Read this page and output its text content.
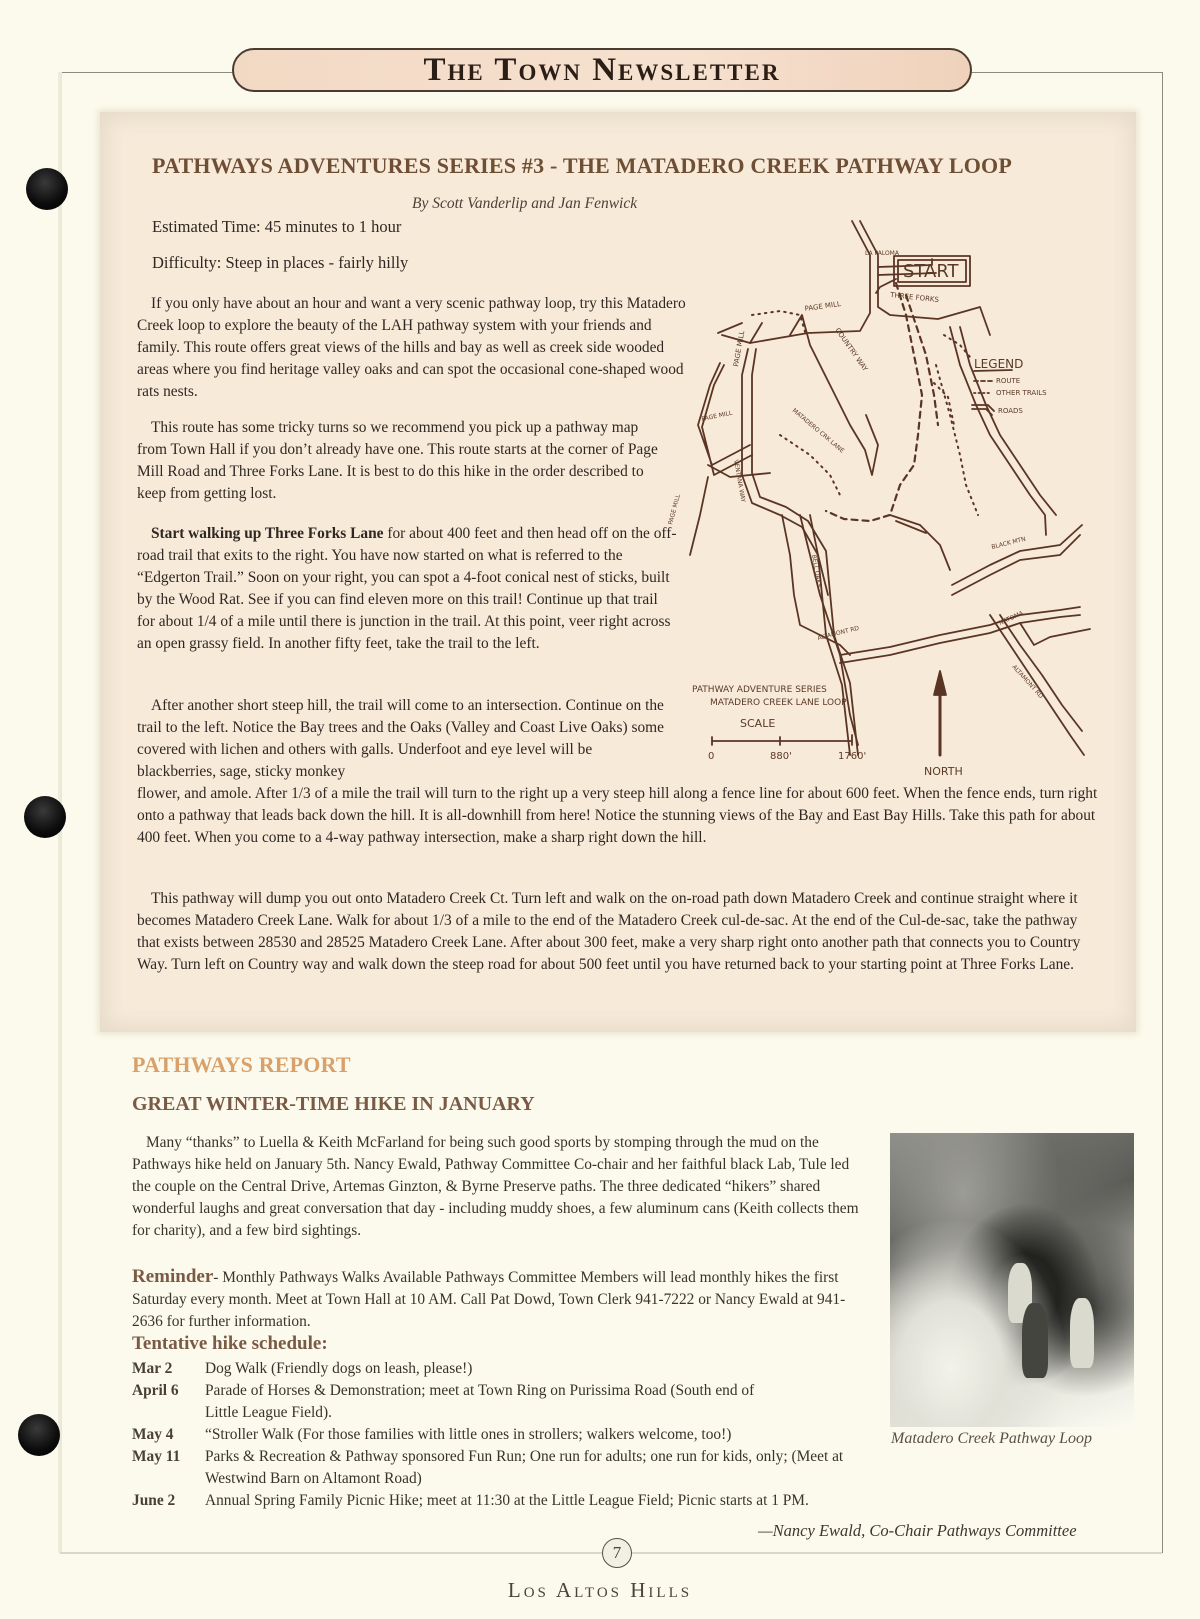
The Town Newsletter
PATHWAYS ADVENTURES SERIES #3 - THE MATADERO CREEK PATHWAY LOOP
By Scott Vanderlip and Jan Fenwick
Estimated Time: 45 minutes to 1 hour
Difficulty: Steep in places - fairly hilly
If you only have about an hour and want a very scenic pathway loop, try this Matadero Creek loop to explore the beauty of the LAH pathway system with your friends and family. This route offers great views of the hills and bay as well as creek side wooded areas where you find heritage valley oaks and can spot the occasional cone-shaped wood rats nests.
This route has some tricky turns so we recommend you pick up a pathway map from Town Hall if you don’t already have one. This route starts at the corner of Page Mill Road and Three Forks Lane. It is best to do this hike in the order described to keep from getting lost.
Start walking up Three Forks Lane for about 400 feet and then head off on the off-road trail that exits to the right. You have now started on what is referred to the “Edgerton Trail.” Soon on your right, you can spot a 4-foot conical nest of sticks, built by the Wood Rat. See if you can find eleven more on this trail! Continue up that trail for about 1/4 of a mile until there is junction in the trail. At this point, veer right across an open grassy field. In another fifty feet, take the trail to the left.
After another short steep hill, the trail will come to an intersection. Continue on the trail to the left. Notice the Bay trees and the Oaks (Valley and Coast Live Oaks) some covered with lichen and others with galls. Underfoot and eye level will be blackberries, sage, sticky monkey
flower, and amole. After 1/3 of a mile the trail will turn to the right up a very steep hill along a fence line for about 600 feet. When the fence ends, turn right onto a pathway that leads back down the hill. It is all-downhill from here! Notice the stunning views of the Bay and East Bay Hills. Take this path for about 400 feet. When you come to a 4-way pathway intersection, make a sharp right down the hill.
This pathway will dump you out onto Matadero Creek Ct. Turn left and walk on the on-road path down Matadero Creek and continue straight where it becomes Matadero Creek Lane. Walk for about 1/3 of a mile to the end of the Matadero Creek cul-de-sac. At the end of the Cul-de-sac, take the pathway that exists between 28530 and 28525 Matadero Creek Lane. After about 300 feet, make a very sharp right onto another path that connects you to Country Way. Turn left on Country way and walk down the steep road for about 500 feet until you have returned back to your starting point at Three Forks Lane.
START
LA PALOMA
PAGE MILL
THREE FORKS
COUNTRY WAY
PAGE MILL
PAGE MILL	MATADERO CRK LANE
PAGE MILL
VENTANA WAY
BELL OAKS
BLACK MTN
ALTAMONT RD
NATOMA
ALTAMONT RD
LEGEND
ROUTE
OTHER TRAILS
ROADS
PATHWAY ADVENTURE SERIES
MATADERO CREEK LANE LOOP
SCALE
0	880'	1760'
NORTH
PATHWAYS REPORT
GREAT WINTER-TIME HIKE IN JANUARY
Many “thanks” to Luella & Keith McFarland for being such good sports by stomping through the mud on the Pathways hike held on January 5th. Nancy Ewald, Pathway Committee Co-chair and her faithful black Lab, Tule led the couple on the Central Drive, Artemas Ginzton, & Byrne Preserve paths. The three dedicated “hikers” shared wonderful laughs and great conversation that day - including muddy shoes, a few aluminum cans (Keith collects them for charity), and a few bird sightings.
Reminder- Monthly Pathways Walks Available Pathways Committee Members will lead monthly hikes the first Saturday every month. Meet at Town Hall at 10 AM. Call Pat Dowd, Town Clerk 941-7222 or Nancy Ewald at 941-2636 for further information.
Tentative hike schedule:
Mar 2	Dog Walk (Friendly dogs on leash, please!)
April 6	Parade of Horses & Demonstration; meet at Town Ring on Purissima Road (South end of Little League Field).
May 4	“Stroller Walk (For those families with little ones in strollers; walkers welcome, too!)
May 11	Parks & Recreation & Pathway sponsored Fun Run; One run for adults; one run for kids, only; (Meet at Westwind Barn on Altamont Road)
June 2	Annual Spring Family Picnic Hike; meet at 11:30 at the Little League Field; Picnic starts at 1 PM.
Matadero Creek Pathway Loop
—Nancy Ewald, Co-Chair Pathways Committee
7
Los Altos Hills
